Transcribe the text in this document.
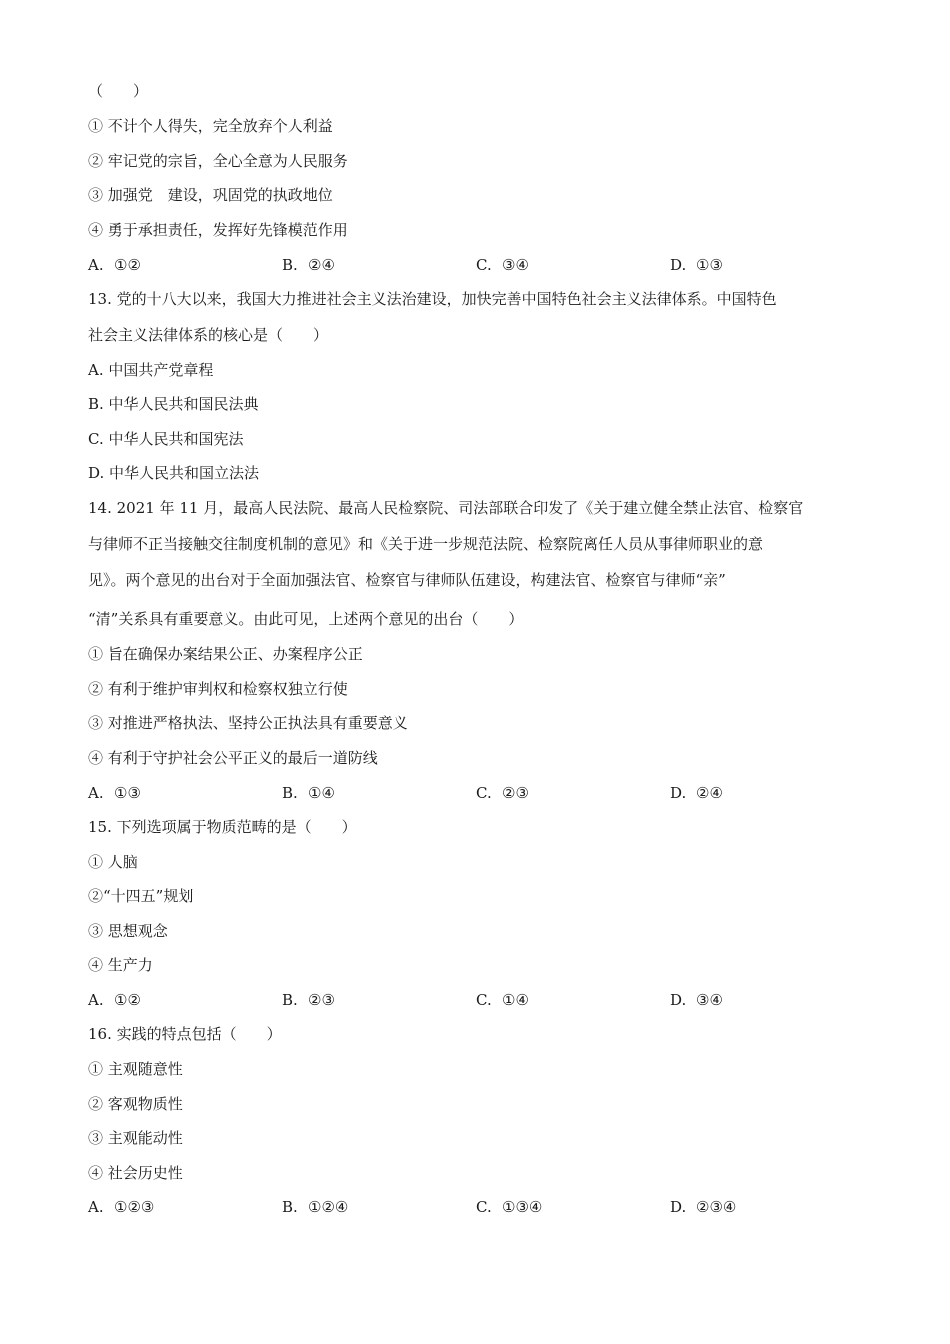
（　　）
① 不计个人得失，完全放弃个人利益
② 牢记党的宗旨，全心全意为人民服务
③ 加强党　建设，巩固党的执政地位
④ 勇于承担责任，发挥好先锋模范作用
A. ①②	B. ②④	C. ③④	D. ①③
13. 党的十八大以来，我国大力推进社会主义法治建设，加快完善中国特色社会主义法律体系。中国特色
社会主义法律体系的核心是（　　）
A. 中国共产党章程
B. 中华人民共和国民法典
C. 中华人民共和国宪法
D. 中华人民共和国立法法
14. 2021 年 11 月，最高人民法院、最高人民检察院、司法部联合印发了《关于建立健全禁止法官、检察官
与律师不正当接触交往制度机制的意见》和《关于进一步规范法院、检察院离任人员从事律师职业的意
见》。两个意见的出台对于全面加强法官、检察官与律师队伍建设，构建法官、检察官与律师“亲”
“清”关系具有重要意义。由此可见，上述两个意见的出台（　　）
① 旨在确保办案结果公正、办案程序公正
② 有利于维护审判权和检察权独立行使
③ 对推进严格执法、坚持公正执法具有重要意义
④ 有利于守护社会公平正义的最后一道防线
A. ①③	B. ①④	C. ②③	D. ②④
15. 下列选项属于物质范畴的是（　　）
① 人脑
②“十四五”规划
③ 思想观念
④ 生产力
A. ①②	B. ②③	C. ①④	D. ③④
16. 实践的特点包括（　　）
① 主观随意性
② 客观物质性
③ 主观能动性
④ 社会历史性
A. ①②③	B. ①②④	C. ①③④	D. ②③④
